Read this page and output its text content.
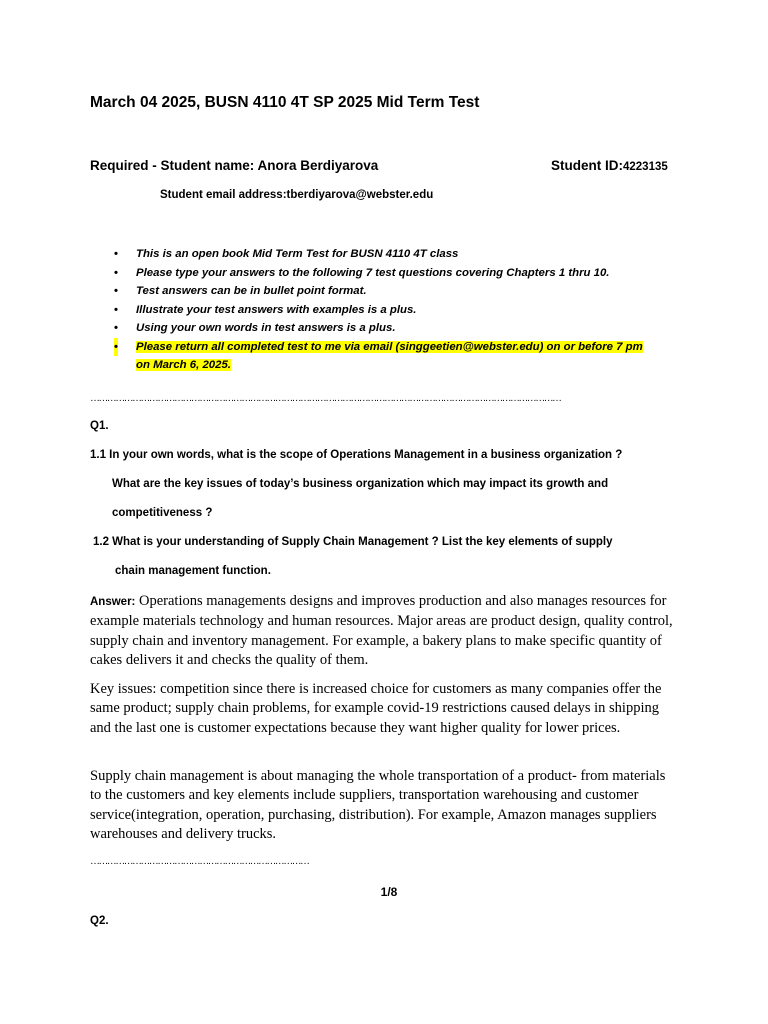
March 04 2025, BUSN 4110 4T SP 2025 Mid Term Test
Required - Student name: Anora Berdiyarova	Student ID:4223135
Student email address:tberdiyarova@webster.edu
• This is an open book Mid Term Test for BUSN 4110 4T class
• Please type your answers to the following 7 test questions covering Chapters 1 thru 10.
• Test answers can be in bullet point format.
• Illustrate your test answers with examples is a plus.
• Using your own words in test answers is a plus.
• Please return all completed test to me via email (singgeetien@webster.edu) on or before 7 pm
on March 6, 2025.
……………………………………………………………………………………………………………………………………………………
Q1.
1.1 In your own words, what is the scope of Operations Management in a business organization ?
What are the key issues of today’s business organization which may impact its growth and
competitiveness ?
1.2 What is your understanding of Supply Chain Management ? List the key elements of supply
chain management function.

Answer: Operations managements designs and improves production and also manages resources for example materials technology and human resources. Major areas are product design, quality control, supply chain and inventory management. For example, a bakery plans to make specific quantity of cakes delivers it and checks the quality of them.

Key issues: competition since there is increased choice for customers as many companies offer the same product; supply chain problems, for example covid-19 restrictions caused delays in shipping and the last one is customer expectations because they want higher quality for lower prices.

Supply chain management is about managing the whole transportation of a product- from materials to the customers and key elements include suppliers, transportation warehousing and customer service(integration, operation, purchasing, distribution). For example, Amazon manages suppliers warehouses and delivery trucks.

……………………………………………………………………
1/8
Q2.
